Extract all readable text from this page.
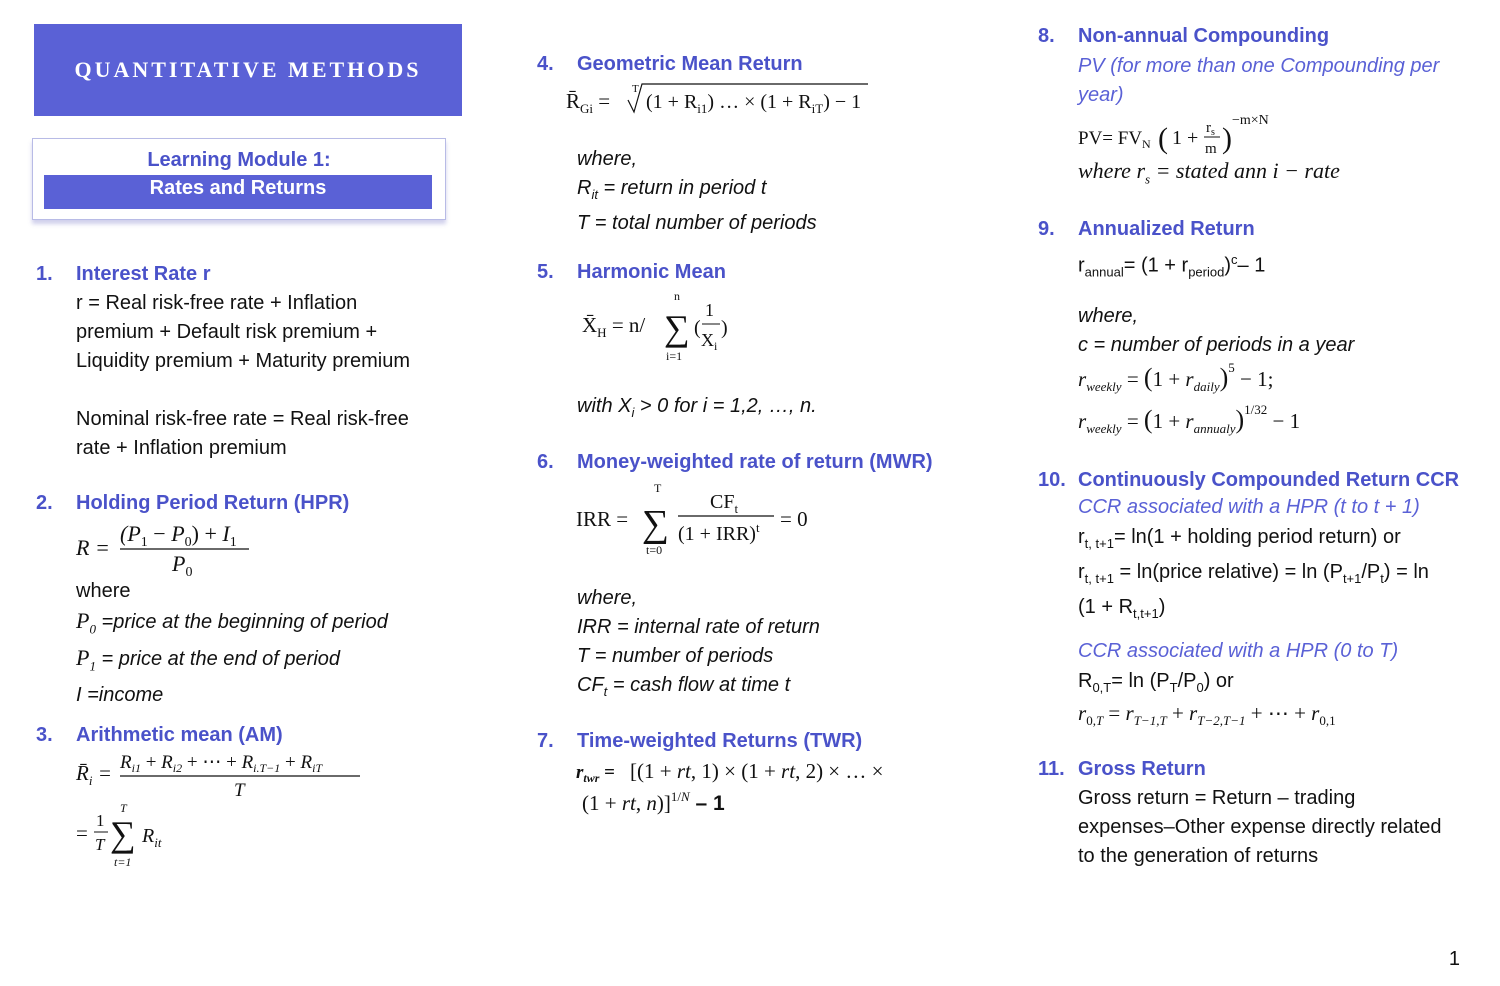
QUANTITATIVE METHODS
Learning Module 1:
Rates and Returns
1. Interest Rate r
r = Real risk-free rate + Inflation
premium + Default risk premium +
Liquidity premium + Maturity premium
Nominal risk-free rate = Real risk-free
rate + Inflation premium
2. Holding Period Return (HPR)
R =
$(P_1 - P_0) + I_1$
$P_0$
where
$P_0$ =price at the beginning of period
$P_1$ = price at the end of period
I =income
3. Arithmetic mean (AM)
$R̄_i = R_{i1} + R_{i2}$ + ⋯ + $R_{i.T-1} + R_{iT}$
T
=
1
T
T
∑
t=1
$R_{it}$
4. Geometric Mean Return
$R̄_{Gi} = T$
$(1 + R_{i1})$ … × $(1 + R_{iT}) - 1$
where,
$R_{it}$ = return in period t
T = total number of periods
5. Harmonic Mean
$X̄_H = n/$
n
∑
i=1
(
1
$X_i$
)
with $X_i > 0$ for i = 1,2, …, n.
6. Money-weighted rate of return (MWR)
IRR =
T
∑
t=0
$CF_t$
(1 + IRR)$^t$ = 0
where,
IRR = internal rate of return
T = number of periods
$CF_t$ = cash flow at time t
7. Time-weighted Returns (TWR)
$r_{twr} = [(1$ + rt, 1) × (1 + rt, 2) × … ×
(1 + rt, n)]$^{1/}$N – 1
8. Non-annual Compounding
PV (for more than one Compounding per
year)
$PV= FV_N$ ( $1 + r_s$
m )
−m×N
where $r_s$ = stated ann i − rate
9. Annualized Return
$r_{annual}= (1 + r_{period})^c-$ 1
where,
c = number of periods in a year
$r_{weekly} = (1 + r_{daily})^5 - 1$;
$r_{weekly} = (1 + r_{annualy})^{1/32} - 1$
10. Continuously Compounded Return CCR
CCR associated with a HPR (t to t + 1)
$r_{t, t+1}= \ln(1$ + holding period return) or
$r_{t, t+1}$ = ln(price relative) = $\ln (P_{t+1}/P_t) = \ln$
$(1 + R_{t,t+1})$
CCR associated with a HPR (0 to T)
$R_{0,T}= \ln (P_T/P_0)$ or
$r_{0,}T = r_{T-1,T} + r_{T-2,T-1}$ + ⋯ + $r_{0,1}$
11. Gross Return
Gross return = Return – trading
expenses–Other expense directly related
to the generation of returns
1
